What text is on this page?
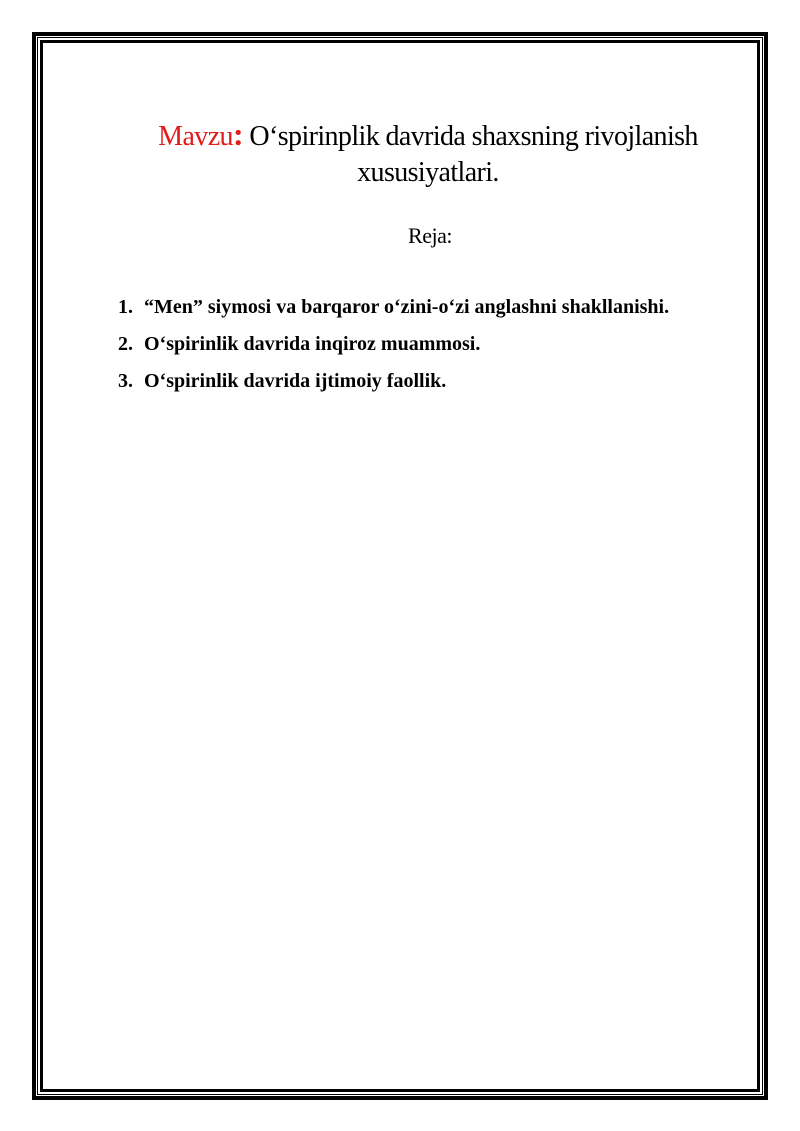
Mavzu: O‘spirinplik davrida shaxsning rivojlanish xususiyatlari.
Reja:
1. “Men” siymosi va barqaror o‘zini-o‘zi anglashni shakllanishi.
2. O‘spirinlik davrida inqiroz muammosi.
3. O‘spirinlik davrida ijtimoiy faollik.
